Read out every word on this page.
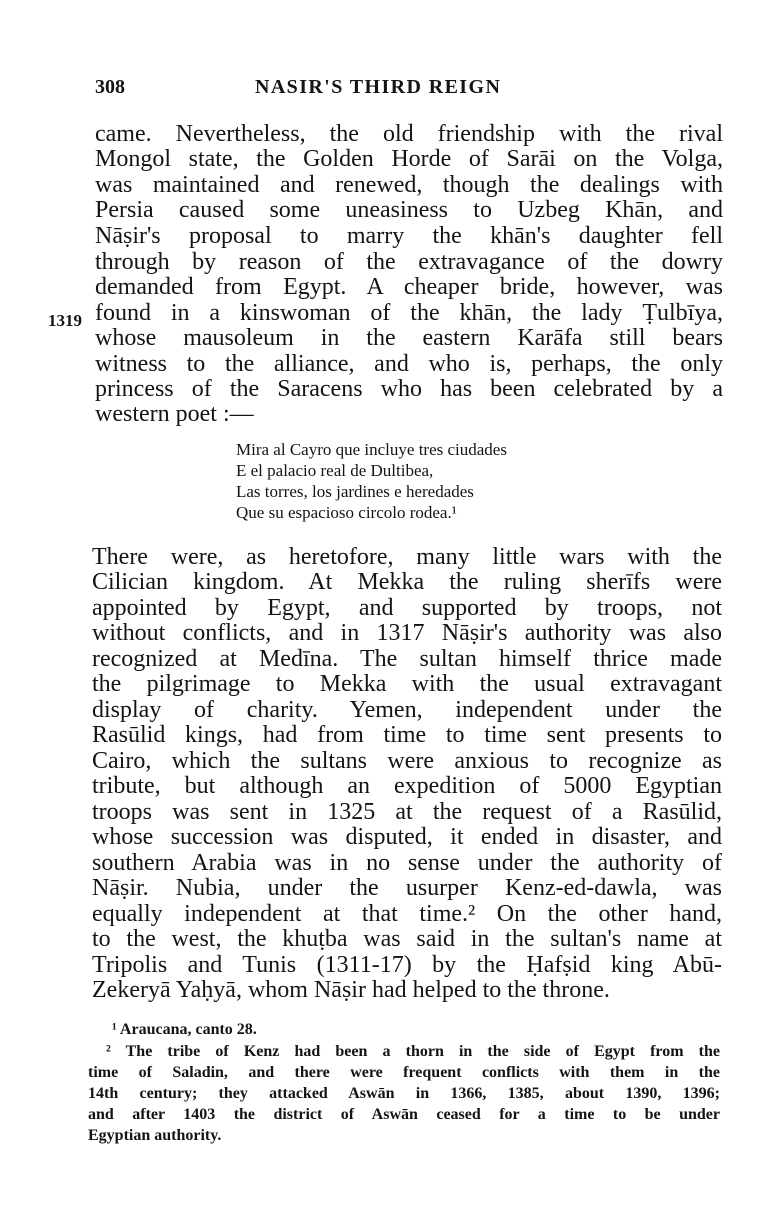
308	NASIR'S THIRD REIGN
1319
came. Nevertheless, the old friendship with the rival
Mongol state, the Golden Horde of Sarāi on the Volga,
was maintained and renewed, though the dealings with
Persia caused some uneasiness to Uzbeg Khān, and
Nāṣir's proposal to marry the khān's daughter fell
through by reason of the extravagance of the dowry
demanded from Egypt. A cheaper bride, however, was
found in a kinswoman of the khān, the lady Ṭulbīya,
whose mausoleum in the eastern Karāfa still bears
witness to the alliance, and who is, perhaps, the only
princess of the Saracens who has been celebrated by a
western poet :—
Mira al Cayro que incluye tres ciudades
E el palacio real de Dultibea,
Las torres, los jardines e heredades
Que su espacioso circolo rodea.¹
There were, as heretofore, many little wars with the
Cilician kingdom. At Mekka the ruling sherīfs were
appointed by Egypt, and supported by troops, not
without conflicts, and in 1317 Nāṣir's authority was also
recognized at Medīna. The sultan himself thrice made
the pilgrimage to Mekka with the usual extravagant
display of charity. Yemen, independent under the
Rasūlid kings, had from time to time sent presents to
Cairo, which the sultans were anxious to recognize as
tribute, but although an expedition of 5000 Egyptian
troops was sent in 1325 at the request of a Rasūlid,
whose succession was disputed, it ended in disaster, and
southern Arabia was in no sense under the authority of
Nāṣir. Nubia, under the usurper Kenz-ed-dawla, was
equally independent at that time.² On the other hand,
to the west, the khuṭba was said in the sultan's name at
Tripolis and Tunis (1311-17) by the Ḥafṣid king Abū-
Zekeryā Yaḥyā, whom Nāṣir had helped to the throne.
¹ Araucana, canto 28.
² The tribe of Kenz had been a thorn in the side of Egypt from the
time of Saladin, and there were frequent conflicts with them in the
14th century; they attacked Aswān in 1366, 1385, about 1390, 1396;
and after 1403 the district of Aswān ceased for a time to be under
Egyptian authority.
